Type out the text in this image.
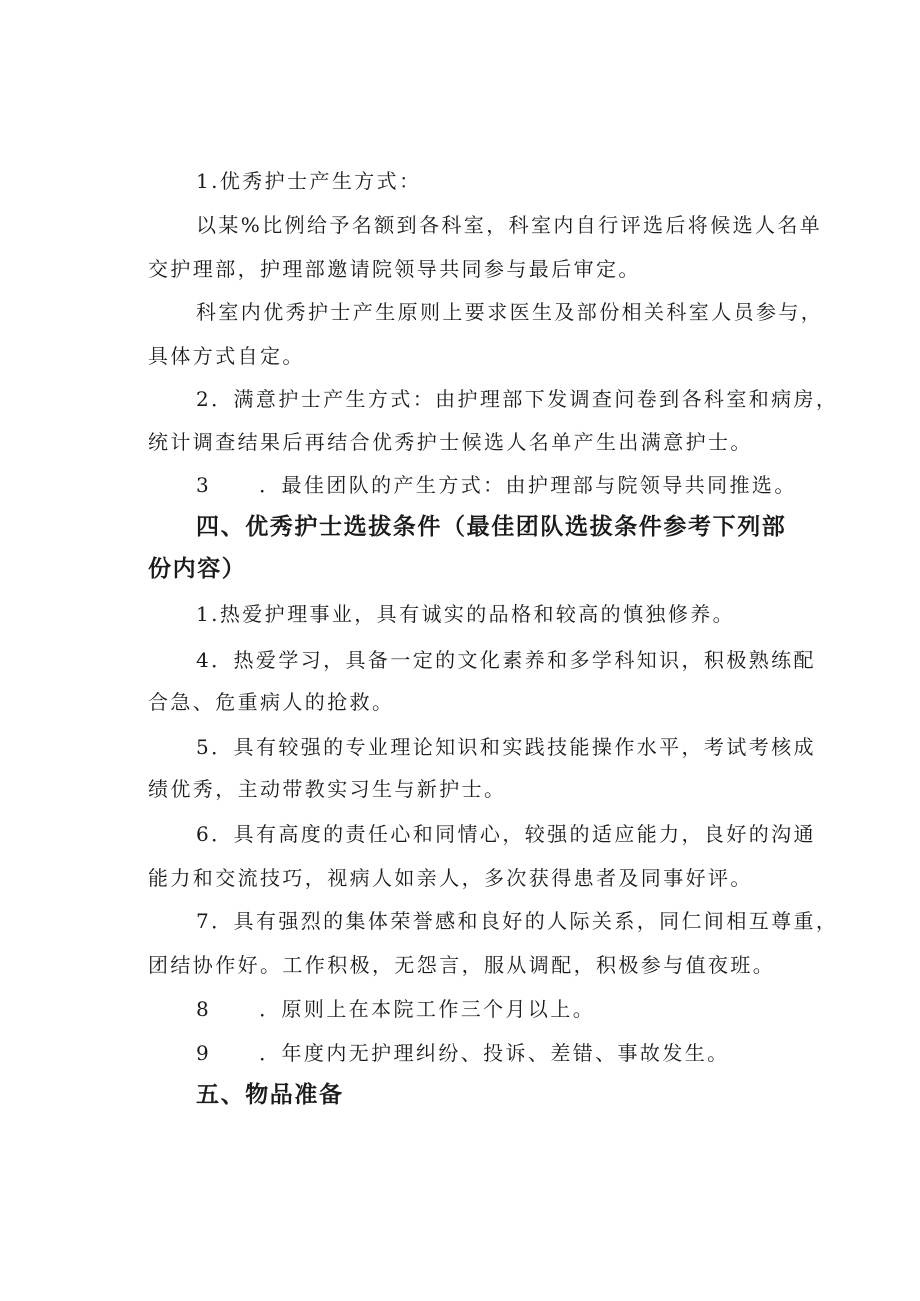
1.优秀护士产生方式：
以某%比例给予名额到各科室，科室内自行评选后将候选人名单
交护理部，护理部邀请院领导共同参与最后审定。
科室内优秀护士产生原则上要求医生及部份相关科室人员参与，
具体方式自定。
2．满意护士产生方式：由护理部下发调查问卷到各科室和病房，
统计调查结果后再结合优秀护士候选人名单产生出满意护士。
3 ．最佳团队的产生方式：由护理部与院领导共同推选。
四、优秀护士选拔条件（最佳团队选拔条件参考下列部
份内容）
1.热爱护理事业，具有诚实的品格和较高的慎独修养。
4．热爱学习，具备一定的文化素养和多学科知识，积极熟练配
合急、危重病人的抢救。
5．具有较强的专业理论知识和实践技能操作水平，考试考核成
绩优秀，主动带教实习生与新护士。
6．具有高度的责任心和同情心，较强的适应能力，良好的沟通
能力和交流技巧，视病人如亲人，多次获得患者及同事好评。
7．具有强烈的集体荣誉感和良好的人际关系，同仁间相互尊重，
团结协作好。工作积极，无怨言，服从调配，积极参与值夜班。
8 ．原则上在本院工作三个月以上。
9 ．年度内无护理纠纷、投诉、差错、事故发生。
五、物品准备
